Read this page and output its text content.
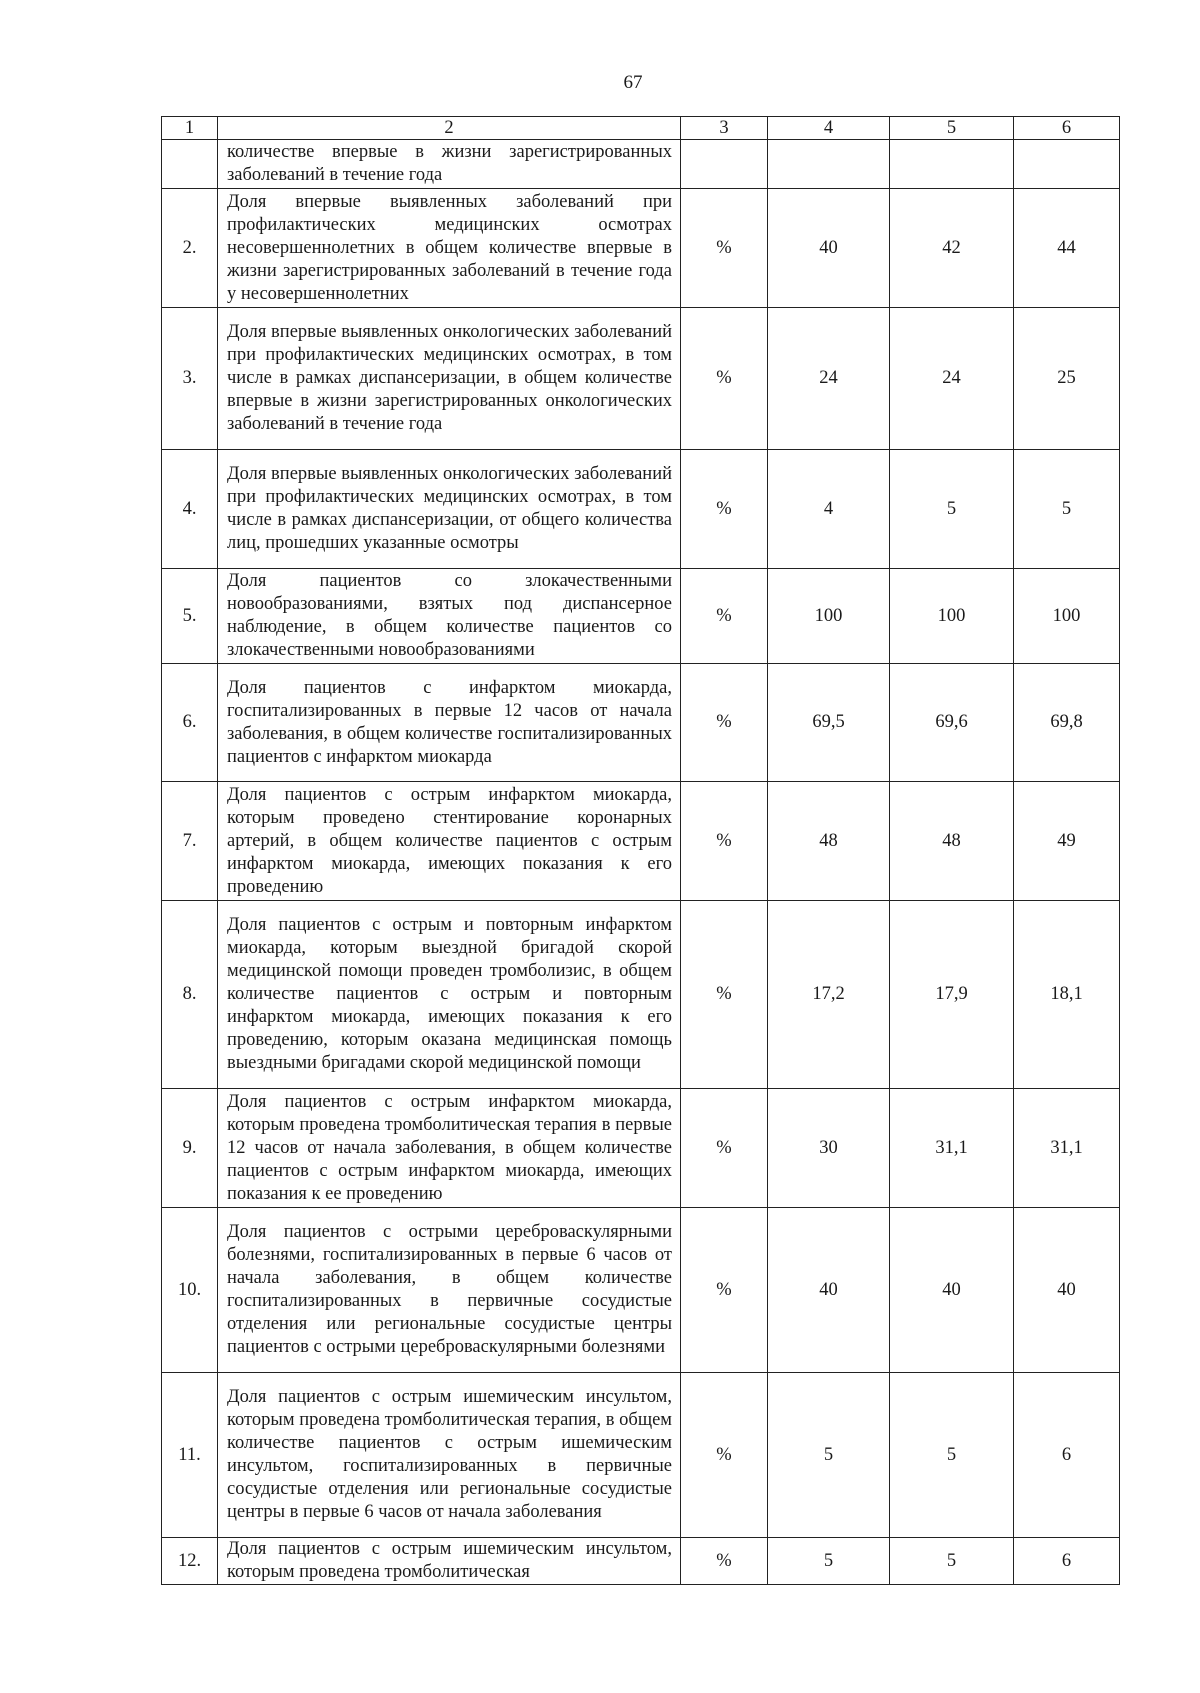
67
1	2	3	4	5	6
	количестве впервые в жизни зарегистрированных заболеваний в течение года				
2.	Доля впервые выявленных заболеваний при профилактических медицинских осмотрах несовершеннолетних в общем количестве впервые в жизни зарегистрированных заболеваний в течение года у несовершеннолетних	%	40	42	44
3.	Доля впервые выявленных онкологических заболеваний при профилактических медицинских осмотрах, в том числе в рамках диспансеризации, в общем количестве впервые в жизни зарегистрированных онкологических заболеваний в течение года	%	24	24	25
4.	Доля впервые выявленных онкологических заболеваний при профилактических медицинских осмотрах, в том числе в рамках диспансеризации, от общего количества лиц, прошедших указанные осмотры	%	4	5	5
5.	Доля пациентов со злокачественными новообразованиями, взятых под диспансерное наблюдение, в общем количестве пациентов со злокачественными новообразованиями	%	100	100	100
6.	Доля пациентов с инфарктом миокарда, госпитализированных в первые 12 часов от начала заболевания, в общем количестве госпитализированных пациентов с инфарктом миокарда	%	69,5	69,6	69,8
7.	Доля пациентов с острым инфарктом миокарда, которым проведено стентирование коронарных артерий, в общем количестве пациентов с острым инфарктом миокарда, имеющих показания к его проведению	%	48	48	49
8.	Доля пациентов с острым и повторным инфарктом миокарда, которым выездной бригадой скорой медицинской помощи проведен тромболизис, в общем количестве пациентов с острым и повторным инфарктом миокарда, имеющих показания к его проведению, которым оказана медицинская помощь выездными бригадами скорой медицинской помощи	%	17,2	17,9	18,1
9.	Доля пациентов с острым инфарктом миокарда, которым проведена тромболитическая терапия в первые 12 часов от начала заболевания, в общем количестве пациентов с острым инфарктом миокарда, имеющих показания к ее проведению	%	30	31,1	31,1
10.	Доля пациентов с острыми цереброваскулярными болезнями, госпитализированных в первые 6 часов от начала заболевания, в общем количестве госпитализированных в первичные сосудистые отделения или региональные сосудистые центры пациентов с острыми цереброваскулярными болезнями	%	40	40	40
11.	Доля пациентов с острым ишемическим инсультом, которым проведена тромболитическая терапия, в общем количестве пациентов с острым ишемическим инсультом, госпитализированных в первичные сосудистые отделения или региональные сосудистые центры в первые 6 часов от начала заболевания	%	5	5	6
12.	Доля пациентов с острым ишемическим инсультом, которым проведена тромболитическая	%	5	5	6
